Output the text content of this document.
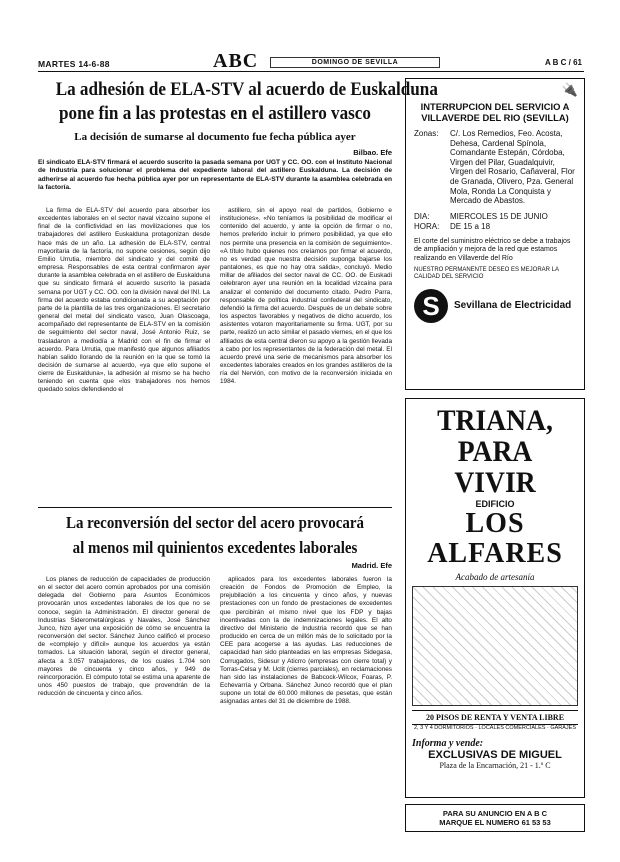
MARTES 14-6-88	ABC	DOMINGO DE SEVILLA	A B C / 61
La adhesión de ELA-STV al acuerdo de Euskalduna
pone fin a las protestas en el astillero vasco
La decisión de sumarse al documento fue fecha pública ayer
Bilbao. Efe
El sindicato ELA-STV firmará el acuerdo suscrito la pasada semana por UGT y CC. OO. con el Instituto Nacional de Industria para solucionar el problema del expediente laboral del astillero Euskalduna. La decisión de adherirse al acuerdo fue hecha pública ayer por un representante de ELA-STV durante la asamblea celebrada en la factoría.

La firma de ELA-STV del acuerdo para absorber los excedentes laborales en el sector naval vizcaíno supone el final de la conflictividad en las movilizaciones que los trabajadores del astillero Euskalduna protagonizan desde hace más de un año. La adhesión de ELA-STV, central mayoritaria de la factoría, no supone cesiones, según dijo Emilio Urrutia, miembro del sindicato y del comité de empresa. Responsables de esta central confirmaron ayer durante la asamblea celebrada en el astillero de Euskalduna que su sindicato firmará el acuerdo suscrito la pasada semana por UGT y CC. OO. con la división naval del INI. La firma del acuerdo estaba condicionada a su aceptación por parte de la plantilla de las tres organizaciones. El secretario general del metal del sindicato vasco, Juan Olascoaga, acompañado del representante de ELA-STV en la comisión de seguimiento del sector naval, José Antonio Ruiz, se trasladaron a mediodía a Madrid con el fin de firmar el acuerdo. Para Urrutia, que manifestó que algunos afiliados habían salido llorando de la reunión en la que se tomó la decisión de sumarse al acuerdo, «ya que ello supone el cierre de Euskalduna», la adhesión al mismo se ha hecho teniendo en cuenta que «los trabajadores nos hemos quedado solos defendiendo el

astillero, sin el apoyo real de partidos, Gobierno e instituciones». «No teníamos la posibilidad de modificar el contenido del acuerdo, y ante la opción de firmar o no, hemos preferido incluir lo primero posibilidad, ya que ello nos permite una presencia en la comisión de seguimiento». «A título hubo quienes nos creíamos por firmar el acuerdo, no es verdad que nuestra decisión suponga bajarse los pantalones, es que no hay otra salida», concluyó. Medio millar de afiliados del sector naval de CC. OO. de Euskadi celebraron ayer una reunión en la localidad vizcaína para analizar el contenido del documento citado. Pedro Parra, responsable de política industrial confederal del sindicato, defendió la firma del acuerdo. Después de un debate sobre los aspectos favorables y negativos de dicho acuerdo, los asistentes votaron mayoritariamente su firma. UGT, por su parte, realizó un acto similar el pasado viernes, en el que los afiliados de esta central dieron su apoyo a la gestión llevada a cabo por los representantes de la federación del metal. El acuerdo prevé una serie de mecanismos para absorber los excedentes laborales creados en los grandes astilleros de la ría del Nervión, con motivo de la reconversión iniciada en 1984.

La reconversión del sector del acero provocará
al menos mil quinientos excedentes laborales
Madrid. Efe

Los planes de reducción de capacidades de producción en el sector del acero común aprobados por una comisión delegada del Gobierno para Asuntos Económicos provocarán unos excedentes laborales de los que no se conoce, según la Administración. El director general de Industrias Siderometalúrgicas y Navales, José Sánchez Junco, hizo ayer una exposición de cómo se encuentra la reconversión del sector. Sánchez Junco calificó el proceso de «complejo y difícil» aunque los acuerdos ya están tomados. La situación laboral, según el director general, afecta a 3.057 trabajadores, de los cuales 1.704 son mayores de cincuenta y cinco años, y 949 de reincorporación. El cómputo total se estima una aparente de unos 450 puestos de trabajo, que provendrán de la reducción de cincuenta y cinco años.

aplicados para los excedentes laborales fueron la creación de Fondos de Promoción de Empleo, la prejubilación a los cincuenta y cinco años, y nuevas prestaciones con un fondo de prestaciones de excedentes que percibirán el mismo nivel que los FDP y bajas incentivadas con la de indemnizaciones legales. El alto directivo del Ministerio de Industria recordó que se han producido en cerca de un millón más de lo solicitado por la CEE para acogerse a las ayudas. Las reducciones de capacidad han sido planteadas en las empresas Sidegasa, Corrugados, Sidesur y Aticrro (empresas con cierre total) y Torras-Celsa y M. Uclit (cierres parciales), en reclamaciones han sido las instalaciones de Babcock-Wilcox, Foaras, P. Echevarría y Orbana. Sánchez Junco recordó que el plan supone un total de 60.000 millones de pesetas, que están asignadas antes del 31 de diciembre de 1988.

🔌
INTERRUPCION DEL SERVICIO A VILLAVERDE DEL RIO (SEVILLA)
Zonas:	C/. Los Remedios, Feo. Acosta, Dehesa, Cardenal Spínola, Comandante Estepán, Córdoba, Virgen del Pilar, Guadalquivir, Virgen del Rosario, Cañaveral, Flor de Granada, Olivero, Pza. General Mola, Ronda La Conquista y Mercado de Abastos.
DIA:	MIERCOLES 15 DE JUNIO
HORA:	DE 15 a 18
El corte del suministro eléctrico se debe a trabajos de ampliación y mejora de la red que estamos realizando en Villaverde del Río
NUESTRO PERMANENTE DESEO ES MEJORAR LA CALIDAD DEL SERVICIO
S	Sevillana de Electricidad
TRIANA,
PARA VIVIR
EDIFICIO
LOS ALFARES
Acabado de artesanía
20 PISOS DE RENTA Y VENTA LIBRE
2, 3 Y 4 DORMITORIOS · LOCALES COMERCIALES · GARAJES
Informa y vende:
EXCLUSIVAS DE MIGUEL
Plaza de la Encarnación, 21 - 1.º C
PARA SU ANUNCIO EN A B C
MARQUE EL NUMERO 61 53 53
